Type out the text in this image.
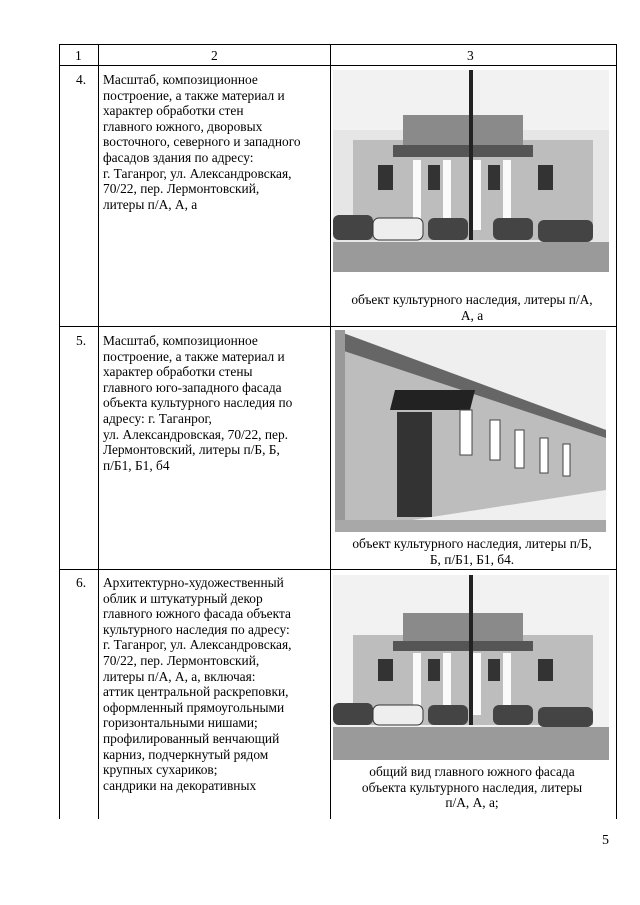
1	2	3
4. Масштаб, композиционное
построение, а также материал и
характер обработки стен
главного южного, дворовых
восточного, северного и западного
фасадов здания по адресу:
г. Таганрог, ул. Александровская,
70/22, пер. Лермонтовский,
литеры п/А, А, а
объект культурного наследия, литеры п/А,
А, а
5. Масштаб, композиционное
построение, а также материал и
характер обработки стены
главного юго-западного фасада
объекта культурного наследия по
адресу: г. Таганрог,
ул. Александровская, 70/22, пер.
Лермонтовский, литеры п/Б, Б,
п/Б1, Б1, б4
объект культурного наследия, литеры п/Б,
Б, п/Б1, Б1, б4.
6. Архитектурно-художественный
облик и штукатурный декор
главного южного фасада объекта
культурного наследия по адресу:
г. Таганрог, ул. Александровская,
70/22, пер. Лермонтовский,
литеры п/А, А, а, включая:
аттик центральной раскреповки,
оформленный прямоугольными
горизонтальными нишами;
профилированный венчающий
карниз, подчеркнутый рядом
крупных сухариков;
сандрики на декоративных
общий вид главного южного фасада
объекта культурного наследия, литеры
п/А, А, а;
5
